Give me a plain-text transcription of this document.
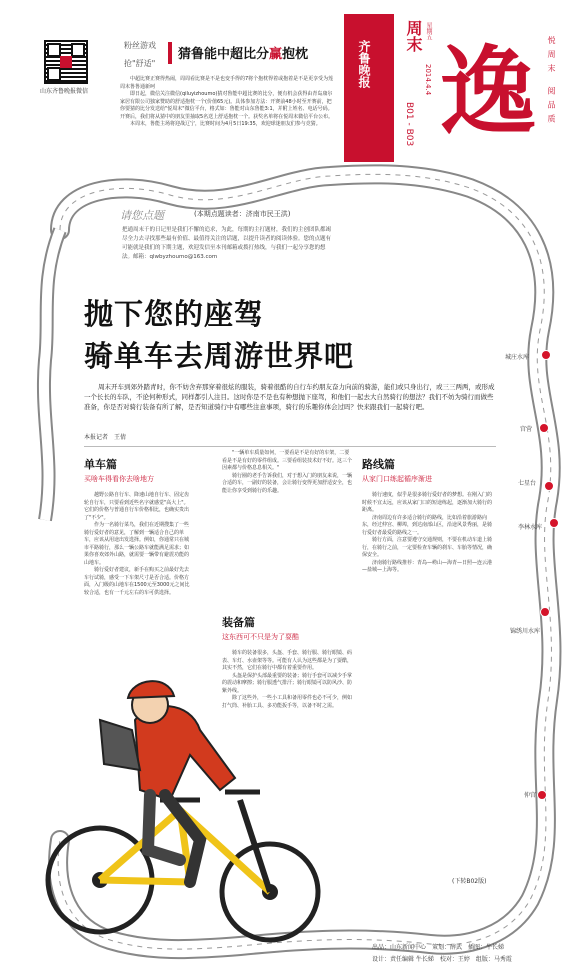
山东齐鲁晚报微信
粉丝游戏
抢"舒适"
猜鲁能中超比分赢抱枕

中超比赛正赛得热闹，周周看比赛是不是也变手得的7将个抱枕得着或抱着是不是更享受为莲周末鲁鲁通新呵

即日起，微信关注微信(qiluyizhoumo)猜对鲁能中超比赛的比分，便有机会获得由青岛康尔家居有限公司独家赞助的舒适抱枕一个(价值65元)。具体参加方法：开赛前48小时至开赛前，把你要猜的比分发送给"悦周末"微信平台，格式如：鲁能对山东鲁能3:1，并附上姓名、电话号码。开赛后，我们将从猜中的朋友里抽取5名送上舒适抱枕一个。获奖名单将在悦周末微信平台公布。

本周末，鲁能主场将迎战辽宁，比赛时间为4月5日19:35，欢迎球迷朋友们参与竞猜。

齐鲁晚报
周末 星期五
2014.4.4
B01 - B03 逸 悦周末 阅品质
城庄水库
宫营
七星台
李林水库
锦绣川水库
仲宫
请您点题	(本期点题读者：济南市民王洪)
把通周末千的日记里是我们不懈的追求，为此，每期的主打题材，我们的主创团队都竭尽全力去寻找那些最有价值、最值得关注的话题，以提升读者的阅读体验。您的点题有可能就是我们的下期主题，欢迎发信至本刊邮箱或拨打热线，与我们一起分享您的想法。邮箱：qlwbyzhoumo@163.com
抛下您的座驾
骑单车去周游世界吧
周末开车到郊外踏青时，你不妨舍弃那穿着很炫的服装，骑着很酷的自行车约朋友奋力向前的骑游，能们或只身出行，或三三两两，或形成一个长长的车队，不论何种形式，同样都引人注目。这时你是不是也有种想抛下座驾，和他们一起去大自然骑行的想法？我们不妨为骑行而做些准备，你是否对骑行装备有所了解，是否知道骑行中有哪些注意事项，骑行的乐趣你体会过吗？快来跟我们一起骑行吧。
本报记者　王倩
单车篇
买啥车得看你去啥地方

越野公路自行车、降速山地自行车、固定齿轮自行车，只要看到近些名字就感觉"高大上"。它们的价格与普通自行车价格相比，也确实贵出了"不少"。

作为一名骑行菜鸟，我们在近期搜集了一些骑行爱好者的意见，了解到一辆适合自己的单车，应该从用途出发选择。例如，你通常只在城市平路骑行，那么一辆公路车就能满足需求；如果你喜欢郊外山路，就需要一辆带有避震功能的山地车。

骑行爱好者建议，新手在购买之前最好先去车行试骑，感受一下车架尺寸是否合适。价格方面，入门级的山地车在1500元至3000元之间比较合适，也有一千元左右的车可供选择。

"一辆单车质量如何，一要看是不是有好的车架，二要看是不是有好的零件组成。三要看组装技术好不好。这三个因素都与价格息息相关。"

骑行圈的老手告诉我们，对于想入门的朋友来说，一辆合适的车，一副好的装备，会让骑行变得更加舒适安全，也能让你享受到骑行的乐趣。

装备篇
这东西可不只是为了耍酷

骑车的装备很多，头盔、手套、骑行服、骑行眼镜、码表、车灯、水壶架等等。可能有人认为这些都是为了耍酷，其实不然，它们在骑行中都有着重要作用。

头盔是保护头部最重要的装备；骑行手套可以减少手掌的震动和摩擦；骑行服透气排汗；骑行眼镜可以防风沙、防紫外线。

除了这些外，一些小工具和备用零件也必不可少，例如打气筒、补胎工具、多功能扳手等，以备不时之需。

路线篇
从家门口练起循序渐进

骑行速度，似乎是很多骑行爱好者的梦想。在刚入门的时候不宜太远，应该从家门口的短途练起，逐渐加大骑行的距离。

济南周边有许多适合骑行的路线，比如沿着旅游路向东，经过仲宫、柳埠，到达南部山区，沿途风景秀丽，是骑行爱好者最爱的路线之一。

骑行方面，注意要遵守交通规则，不要在机动车道上骑行，在骑行之前，一定要检查车辆的刹车、车胎等情况，确保安全。

济南骑行路线推荐：青岛—崂山—海青—日照—连云港—盐城—上海等。

(下转B02版)
出品：山东新闻中心　策划：薛武　插图：牛长娣
设计：责任编辑 牛长娣　校对：王婷　组版：马秀霞
